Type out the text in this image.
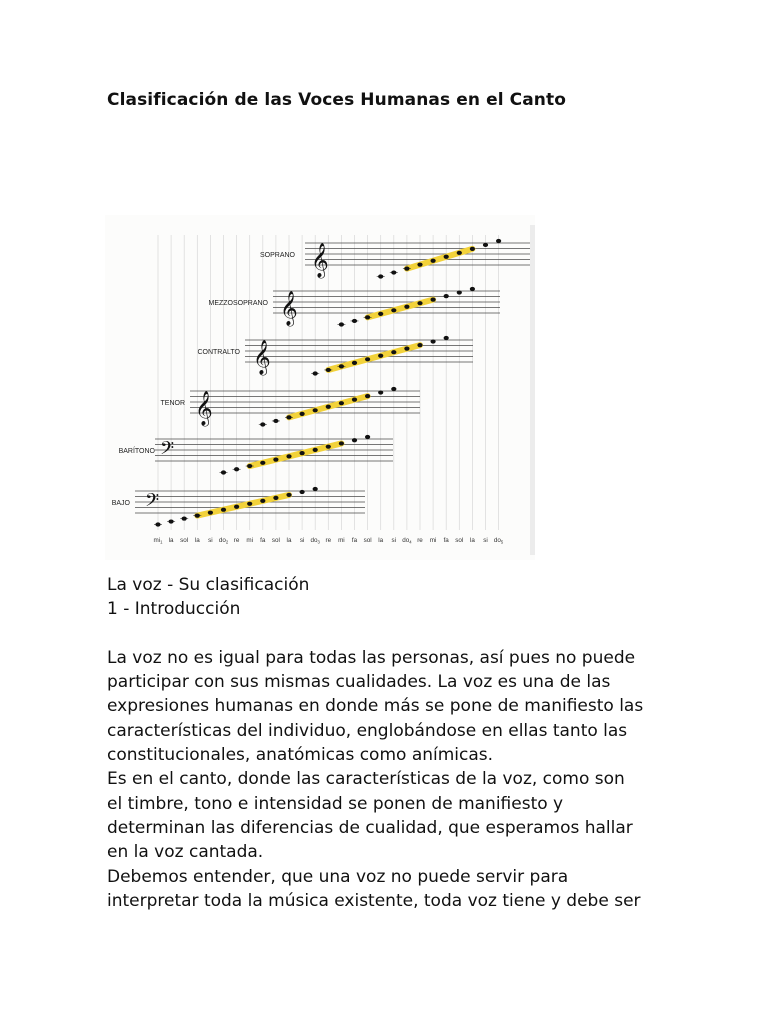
Clasificación de las Voces Humanas en el Canto
𝄞
SOPRANO
𝄞
MEZZOSOPRANO
𝄞
CONTRALTO
𝄞
TENOR
𝄢
BARÍTONO
𝄢
BAJO
$mi_1$ la sol la si $do_2$ re mi fa sol la si $do_3$ re mi fa sol la si $do_4$ re mi fa sol la si $do_5$
La voz - Su clasificación
1 - Introducción
La voz no es igual para todas las personas, así pues no puede
participar con sus mismas cualidades. La voz es una de las
expresiones humanas en donde más se pone de manifiesto las
características del individuo, englobándose en ellas tanto las
constitucionales, anatómicas como anímicas.
Es en el canto, donde las características de la voz, como son
el timbre, tono e intensidad se ponen de manifiesto y
determinan las diferencias de cualidad, que esperamos hallar
en la voz cantada.
Debemos entender, que una voz no puede servir para
interpretar toda la música existente, toda voz tiene y debe ser
